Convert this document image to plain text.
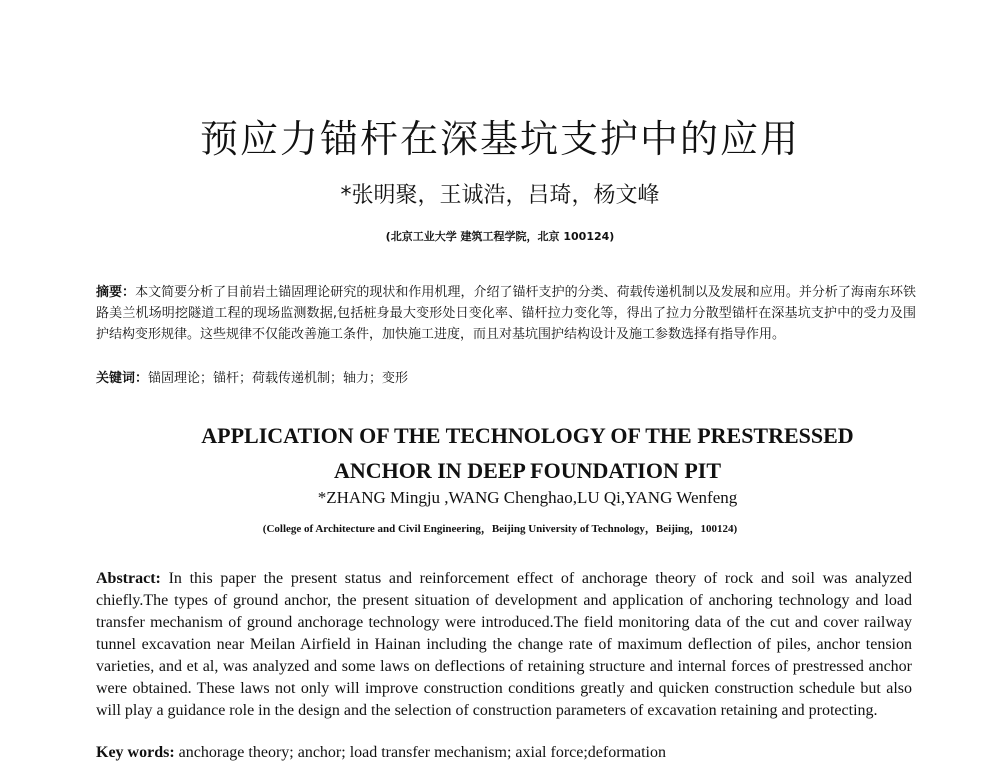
预应力锚杆在深基坑支护中的应用
*张明聚，王诚浩，吕琦，杨文峰
(北京工业大学 建筑工程学院，北京 100124)
摘要：本文简要分析了目前岩土锚固理论研究的现状和作用机理，介绍了锚杆支护的分类、荷载传递机制以及发展和应用。并分析了海南东环铁路美兰机场明挖隧道工程的现场监测数据,包括桩身最大变形处日变化率、锚杆拉力变化等，得出了拉力分散型锚杆在深基坑支护中的受力及围护结构变形规律。这些规律不仅能改善施工条件，加快施工进度，而且对基坑围护结构设计及施工参数选择有指导作用。
关键词：锚固理论；锚杆；荷载传递机制；轴力；变形
APPLICATION OF THE TECHNOLOGY OF THE PRESTRESSED
ANCHOR IN DEEP FOUNDATION PIT
*ZHANG Mingju ,WANG Chenghao,LU Qi,YANG Wenfeng
(College of Architecture and Civil Engineering，Beijing University of Technology，Beijing，100124)
Abstract: In this paper the present status and reinforcement effect of anchorage theory of rock and soil was analyzed chiefly.The types of ground anchor, the present situation of development and application of anchoring technology and load transfer mechanism of ground anchorage technology were introduced.The field monitoring data of the cut and cover railway tunnel excavation near Meilan Airfield in Hainan including the change rate of maximum deflection of piles, anchor tension varieties, and et al, was analyzed and some laws on deflections of retaining structure and internal forces of prestressed anchor were obtained. These laws not only will improve construction conditions greatly and quicken construction schedule but also will play a guidance role in the design and the selection of construction parameters of excavation retaining and protecting.
Key words: anchorage theory; anchor; load transfer mechanism; axial force;deformation
